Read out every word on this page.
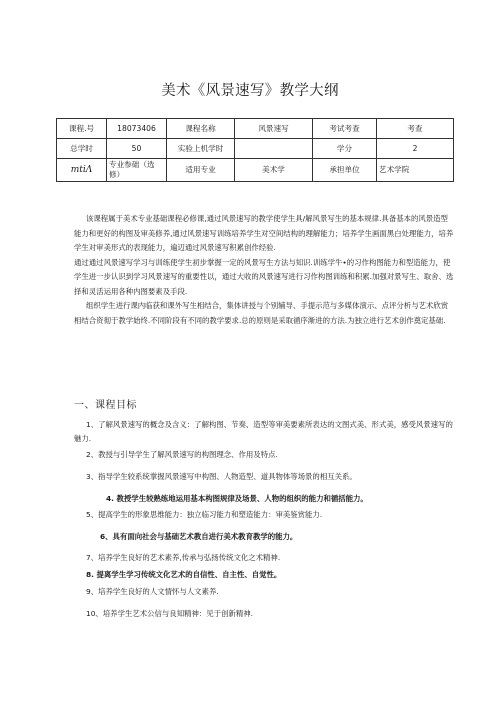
美术《风景速写》教学大纲
课程.号	18073406	课程名称	风景速写	考试考查	考查
总学时	50	实验上机学时		学分	2
mtiΛ	专业参础（选修）	适用专业	美术学	承担单位	艺术学院

该课程属于美术专业基础课程必修课,通过风景速写的教学使学生具/解风景写生的基本规律.具备基本的风景造型能力和更好的构图及审美修养,通过风景速写训练培养学生对空间结构的理解能力；培养学生画面黑白处理能力，培养学生对审美形式的表现能力，遍辺通过风景速写积累创作经验.

通过通过风景速写学习与训练使学生初步掌握一定的风景写生方法与知识.训练学牛•的习作构图能力和型造能力，使学生进一步认识到学习风景速写的重要性以，通过大收的风景速写进行习作构图训练和积累.加强对景写生、取舍、选择和灵活运用各种内图要素及手段.

组织学生进行课内临获和课外写生相结合，集体讲授与个别辅导、手提示范与多媒体演示、点评分析与艺术欣赏相结合资彻于教学始终.不同阶段有不同的教学要求.总的原则是采取循序渐进的方法.为独立进行艺术创作奠定基础.

一、课程目标
1、了解风景速写的概念及含义：了解构图、节奏、造型等审美要素所表达的文图式美、形式美，感受风景速写的魅力.
2、教授与引导学生了解风景速写的构图理念、作用及特点.
3、指导学生较系统掌握风景速写中构图、人物造型、道具物体等场景的相互关系。
4. 教授学生较熟练地运用基本构图规律及场景、人物的组织的能力和循括能力。
5、提高学生的形象思维能力：独立临习能力和塑造能力：审美鉴赏能力.
6、具有面向社会与基础艺术教自进行美术教育教学的能力。
7、培养学生良好的艺术素养,传承与弘扬传统文化之术精神.
8. 提离学生学习传统文化艺术的自信性、自主性、自觉性。
9、培养学生良好的人文情怀与人文素养.
10、培养学生艺术公信与良知精神：见于创新精神.
